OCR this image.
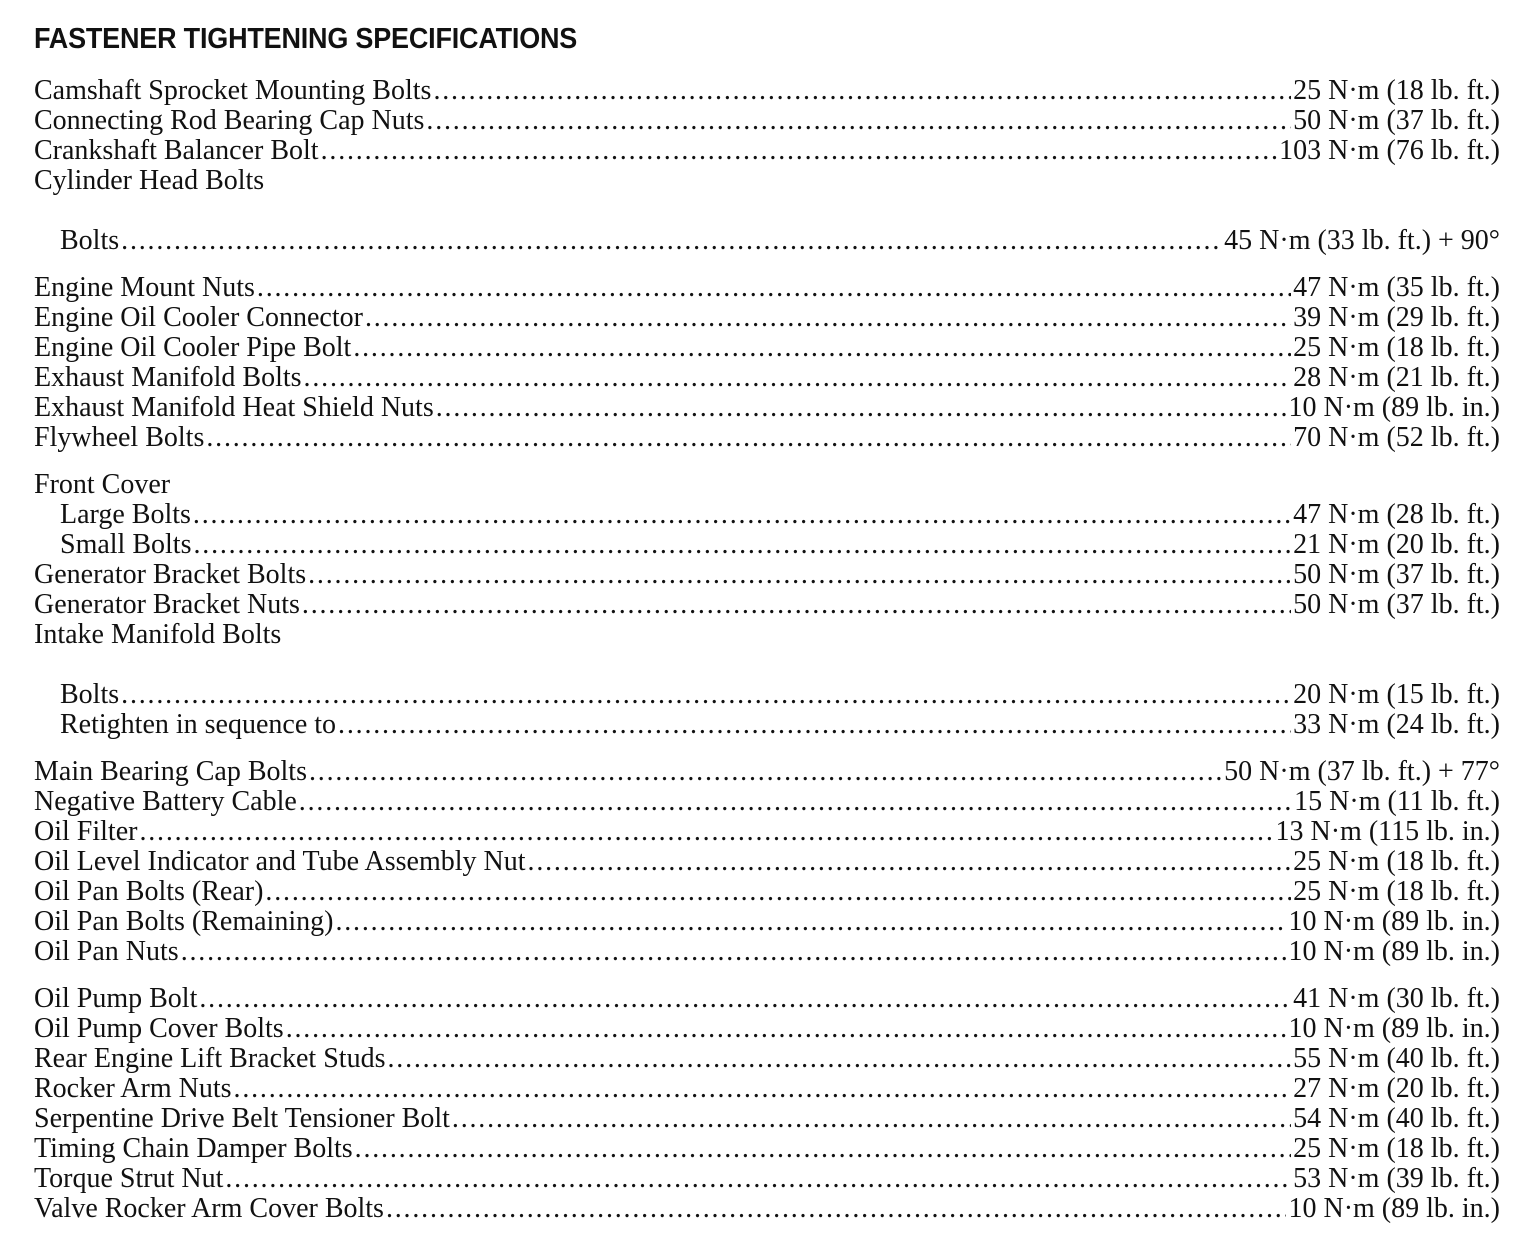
FASTENER TIGHTENING SPECIFICATIONS
Camshaft Sprocket Mounting Bolts . . .	25 N·m (18 lb. ft.)
Connecting Rod Bearing Cap Nuts . . .	50 N·m (37 lb. ft.)
Crankshaft Balancer Bolt . . .	103 N·m (76 lb. ft.)
Cylinder Head Bolts
Bolts . . .	45 N·m (33 lb. ft.) + 90°
Engine Mount Nuts . . .	47 N·m (35 lb. ft.)
Engine Oil Cooler Connector . . .	39 N·m (29 lb. ft.)
Engine Oil Cooler Pipe Bolt . . .	25 N·m (18 lb. ft.)
Exhaust Manifold Bolts . . .	28 N·m (21 lb. ft.)
Exhaust Manifold Heat Shield Nuts . . .	10 N·m (89 lb. in.)
Flywheel Bolts . . .	70 N·m (52 lb. ft.)
Front Cover
Large Bolts . . .	47 N·m (28 lb. ft.)
Small Bolts . . .	21 N·m (20 lb. ft.)
Generator Bracket Bolts . . .	50 N·m (37 lb. ft.)
Generator Bracket Nuts . . .	50 N·m (37 lb. ft.)
Intake Manifold Bolts
Bolts . . .	20 N·m (15 lb. ft.)
Retighten in sequence to . . .	33 N·m (24 lb. ft.)
Main Bearing Cap Bolts . . .	50 N·m (37 lb. ft.) + 77°
Negative Battery Cable . . .	15 N·m (11 lb. ft.)
Oil Filter . . .	13 N·m (115 lb. in.)
Oil Level Indicator and Tube Assembly Nut . . .	25 N·m (18 lb. ft.)
Oil Pan Bolts (Rear) . . .	25 N·m (18 lb. ft.)
Oil Pan Bolts (Remaining) . . .	10 N·m (89 lb. in.)
Oil Pan Nuts . . .	10 N·m (89 lb. in.)
Oil Pump Bolt . . .	41 N·m (30 lb. ft.)
Oil Pump Cover Bolts . . .	10 N·m (89 lb. in.)
Rear Engine Lift Bracket Studs . . .	55 N·m (40 lb. ft.)
Rocker Arm Nuts . . .	27 N·m (20 lb. ft.)
Serpentine Drive Belt Tensioner Bolt . . .	54 N·m (40 lb. ft.)
Timing Chain Damper Bolts . . .	25 N·m (18 lb. ft.)
Torque Strut Nut . . .	53 N·m (39 lb. ft.)
Valve Rocker Arm Cover Bolts . . .	10 N·m (89 lb. in.)
